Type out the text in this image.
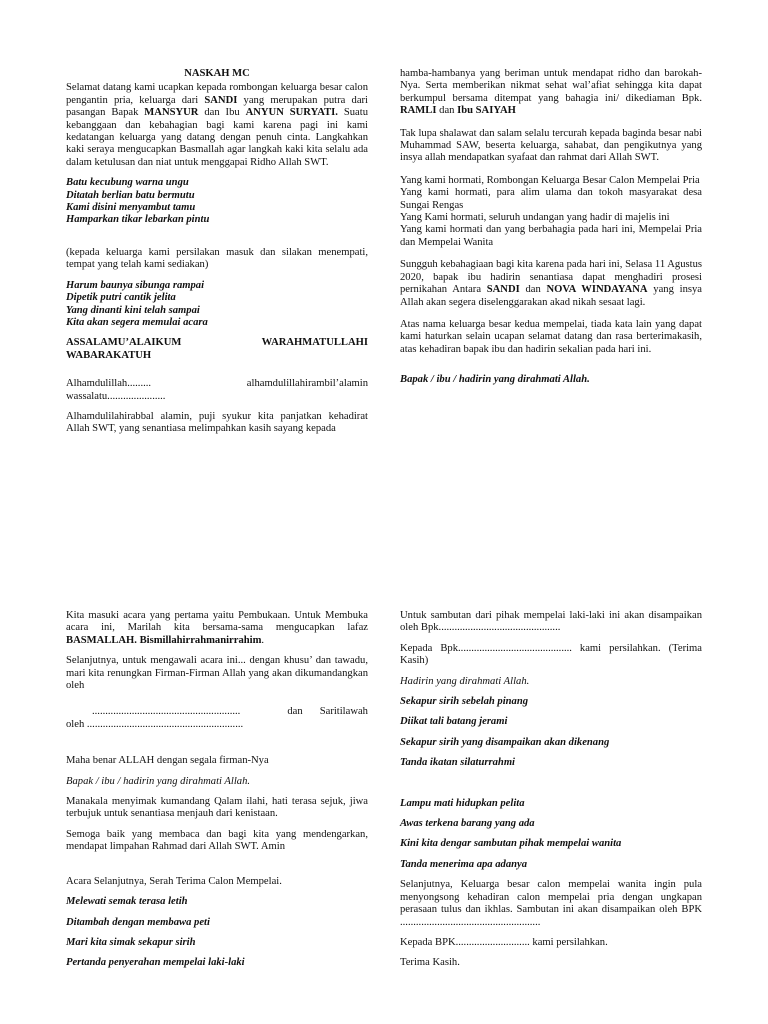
NASKAH MC

Selamat datang kami ucapkan kepada rombongan keluarga besar calon pengantin pria, keluarga dari SANDI yang merupakan putra dari pasangan Bapak MANSYUR dan Ibu ANYUN SURYATI. Suatu kebanggaan dan kebahagian bagi kami karena pagi ini kami kedatangan keluarga yang datang dengan penuh cinta. Langkahkan kaki seraya mengucapkan Basmallah agar langkah kaki kita selalu ada dalam ketulusan dan niat untuk menggapai Ridho Allah SWT.

Batu kecubung warna ungu

Ditatah berlian batu bermutu

Kami disini menyambut tamu

Hamparkan tikar lebarkan pintu

(kepada keluarga kami persilakan masuk dan silakan menempati, tempat yang telah kami sediakan)

Harum baunya sibunga rampai

Dipetik putri cantik jelita

Yang dinanti kini telah sampai

Kita akan segera memulai acara

ASSALAMU’ALAIKUM	WARAHMATULLAHI

WABARAKATUH

Alhamdulillah.........	alhamdulillahirambil’alamin

wassalatu......................

Alhamdulilahirabbal alamin, puji syukur kita panjatkan kehadirat Allah SWT, yang senantiasa melimpahkan kasih sayang kepada

hamba-hambanya yang beriman untuk mendapat ridho dan barokah-Nya. Serta memberikan nikmat sehat wal’afiat sehingga kita dapat berkumpul bersama ditempat yang bahagia ini/ dikediaman Bpk. RAMLI dan Ibu SAIYAH

Tak lupa shalawat dan salam selalu tercurah kepada baginda besar nabi Muhammad SAW, beserta keluarga, sahabat, dan pengikutnya yang insya allah mendapatkan syafaat dan rahmat dari Allah SWT.

Yang kami hormati, Rombongan Keluarga Besar Calon Mempelai Pria

Yang kami hormati, para alim ulama dan tokoh masyarakat desa Sungai Rengas

Yang Kami hormati, seluruh undangan yang hadir di majelis ini

Yang kami hormati dan yang berbahagia pada hari ini, Mempelai Pria dan Mempelai Wanita

Sungguh kebahagiaan bagi kita karena pada hari ini, Selasa 11 Agustus 2020, bapak ibu hadirin senantiasa dapat menghadiri prosesi pernikahan Antara SANDI dan NOVA WINDAYANA yang insya Allah akan segera diselenggarakan akad nikah sesaat lagi.

Atas nama keluarga besar kedua mempelai, tiada kata lain yang dapat kami haturkan selain ucapan selamat datang dan rasa berterimakasih, atas kehadiran bapak ibu dan hadirin sekalian pada hari ini.

Bapak / ibu / hadirin yang dirahmati Allah.

Kita masuki acara yang pertama yaitu Pembukaan. Untuk Membuka acara ini, Marilah kita bersama-sama mengucapkan lafaz BASMALLAH. Bismillahirrahmanirrahim.

Selanjutnya, untuk mengawali acara ini... dengan khusu’ dan tawadu, mari kita renungkan Firman-Firman Allah yang akan dikumandangkan oleh

........................................................	dan Saritilawah

oleh ...........................................................

Maha benar ALLAH dengan segala firman-Nya

Bapak / ibu / hadirin yang dirahmati Allah.

Manakala menyimak kumandang Qalam ilahi, hati terasa sejuk, jiwa terbujuk untuk senantiasa menjauh dari kenistaan.

Semoga baik yang membaca dan bagi kita yang mendengarkan, mendapat limpahan Rahmad dari Allah SWT. Amin

Acara Selanjutnya, Serah Terima Calon Mempelai.

Melewati semak terasa letih

Ditambah dengan membawa peti

Mari kita simak sekapur sirih

Pertanda penyerahan mempelai laki-laki

Untuk sambutan dari pihak mempelai laki-laki ini akan disampaikan oleh Bpk..............................................

Kepada Bpk........................................... kami persilahkan. (Terima Kasih)

Hadirin yang dirahmati Allah.

Sekapur sirih sebelah pinang

Diikat tali batang jerami

Sekapur sirih yang disampaikan akan dikenang

Tanda ikatan silaturrahmi

Lampu mati hidupkan pelita

Awas terkena barang yang ada

Kini kita dengar sambutan pihak mempelai wanita

Tanda menerima apa adanya

Selanjutnya, Keluarga besar calon mempelai wanita ingin pula menyongsong kehadiran calon mempelai pria dengan ungkapan perasaan tulus dan ikhlas. Sambutan ini akan disampaikan oleh BPK .....................................................

Kepada BPK............................ kami persilahkan.

Terima Kasih.
